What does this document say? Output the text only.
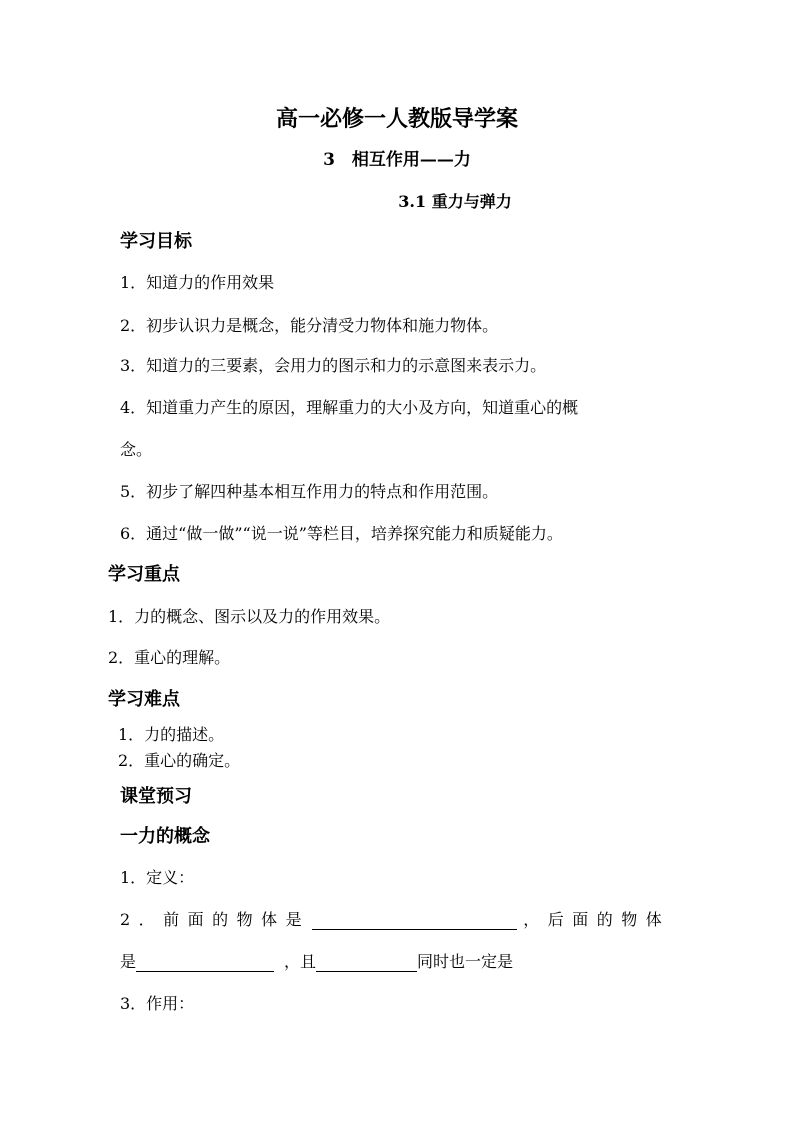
高一必修一人教版导学案
3　相互作用——力
3.1 重力与弹力
学习目标
1．知道力的作用效果
2．初步认识力是概念，能分清受力物体和施力物体。
3．知道力的三要素，会用力的图示和力的示意图来表示力。
4．知道重力产生的原因，理解重力的大小及方向，知道重心的概
念。
5．初步了解四种基本相互作用力的特点和作用范围。
6．通过“做一做”“说一说”等栏目，培养探究能力和质疑能力。
学习重点
1．力的概念、图示以及力的作用效果。
2．重心的理解。
学习难点
1．力的描述。
2．重心的确定。
课堂预习
一力的概念
1．定义：
2．前面的物体是	，后面的物体
是	，且	同时也一定是
3．作用：
